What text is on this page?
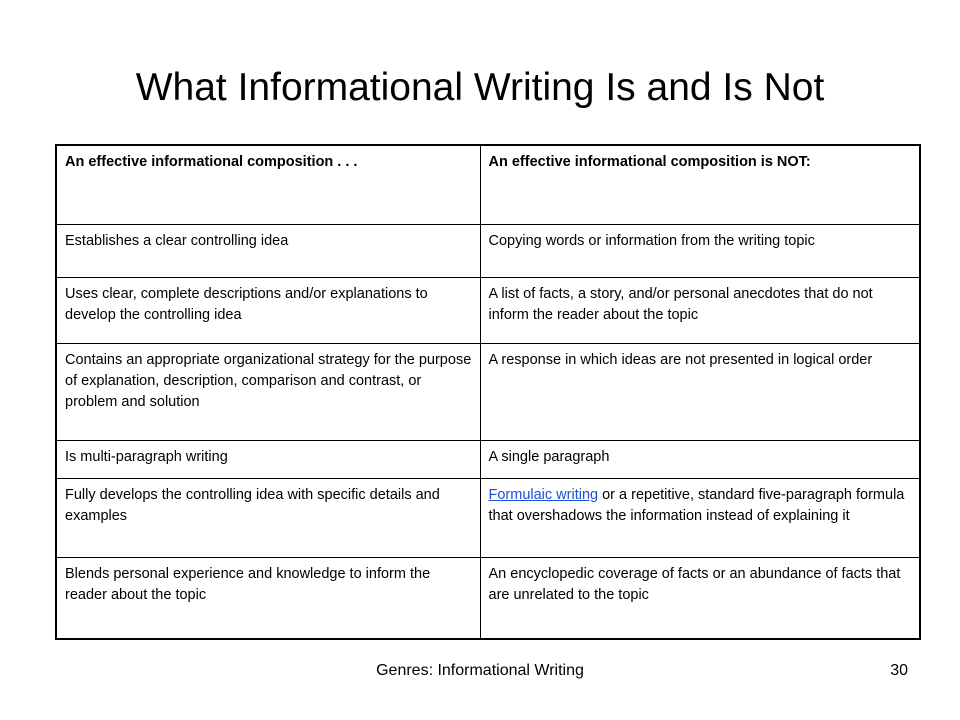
What Informational Writing Is and Is Not
An effective informational composition . . .	An effective informational composition is NOT:
Establishes a clear controlling idea	Copying words or information from the writing topic
Uses clear, complete descriptions and/or explanations to develop the controlling idea	A list of facts, a story, and/or personal anecdotes that do not inform the reader about the topic
Contains an appropriate organizational strategy for the purpose of explanation, description, comparison and contrast, or problem and solution	A response in which ideas are not presented in logical order
Is multi-paragraph writing	A single paragraph
Fully develops the controlling idea with specific details and examples	Formulaic writing or a repetitive, standard five-paragraph formula that overshadows the information instead of explaining it
Blends personal experience and knowledge to inform the reader about the topic	An encyclopedic coverage of facts or an abundance of facts that are unrelated to the topic
Genres: Informational Writing	30
